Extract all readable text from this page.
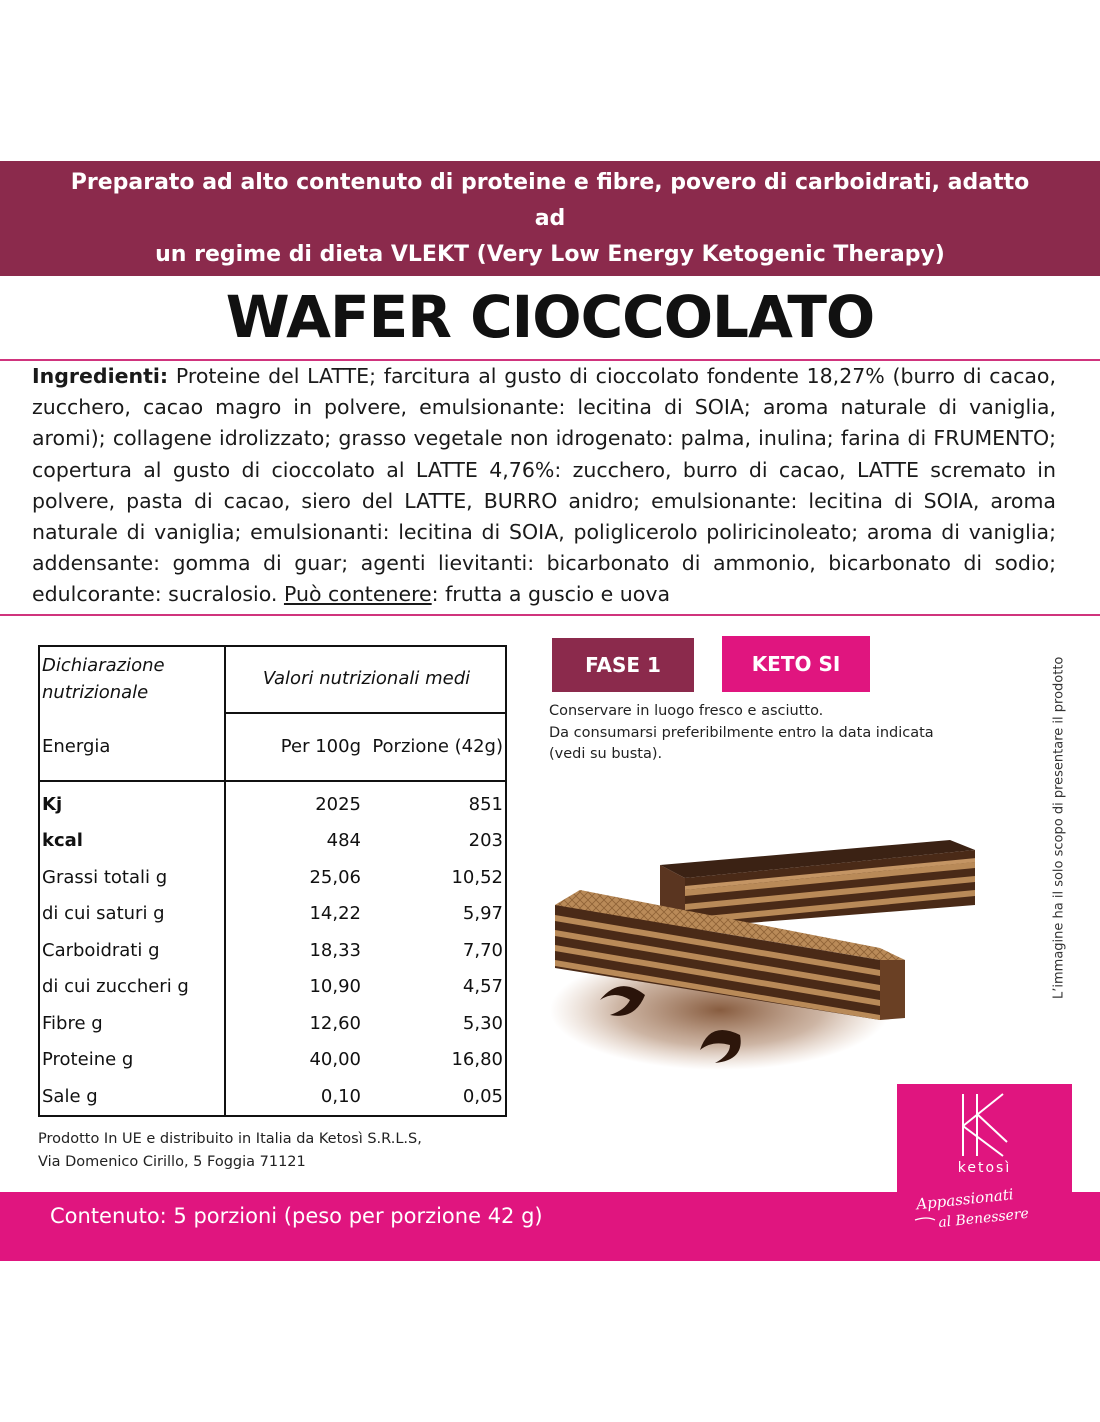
Preparato ad alto contenuto di proteine e fibre, povero di carboidrati, adatto ad
un regime di dieta VLEKT (Very Low Energy Ketogenic Therapy)
WAFER CIOCCOLATO
Ingredienti: Proteine del LATTE; farcitura al gusto di cioccolato fondente 18,27% (burro di cacao, zucchero, cacao magro in polvere, emulsionante: lecitina di SOIA; aroma naturale di vaniglia, aromi); collagene idrolizzato; grasso vegetale non idrogenato: palma, inulina; farina di FRUMENTO; copertura al gusto di cioccolato al LATTE 4,76%: zucchero, burro di cacao, LATTE scremato in polvere, pasta di cacao, siero del LATTE, BURRO anidro; emulsionante: lecitina di SOIA, aroma naturale di vaniglia; emulsionanti: lecitina di SOIA, poliglicerolo poliricinoleato; aroma di vaniglia; addensante: gomma di guar; agenti lievitanti: bicarbonato di ammonio, bicarbonato di sodio; edulcorante: sucralosio. Può contenere: frutta a guscio e uova
Dichiarazione nutrizionale	Valori nutrizionali medi	
Energia	Per 100g	Porzione (42g)

Kj	2025	851
kcal	484	203
Grassi totali g	25,06	10,52
di cui saturi g	14,22	5,97
Carboidrati g	18,33	7,70
di cui zuccheri g	10,90	4,57
Fibre g	12,60	5,30
Proteine g	40,00	16,80
Sale g	0,10	0,05
Prodotto In UE e distribuito in Italia da Ketosì S.R.L.S,
Via Domenico Cirillo, 5 Foggia 71121
FASE 1	KETO SI
Conservare in luogo fresco e asciutto.
Da consumarsi preferibilmente entro la data indicata
(vedi su busta).	L’immagine ha il solo scopo di presentare il prodotto
Contenuto: 5 porzioni (peso per porzione 42 g)
ketosì
Appassionati
al Benessere
